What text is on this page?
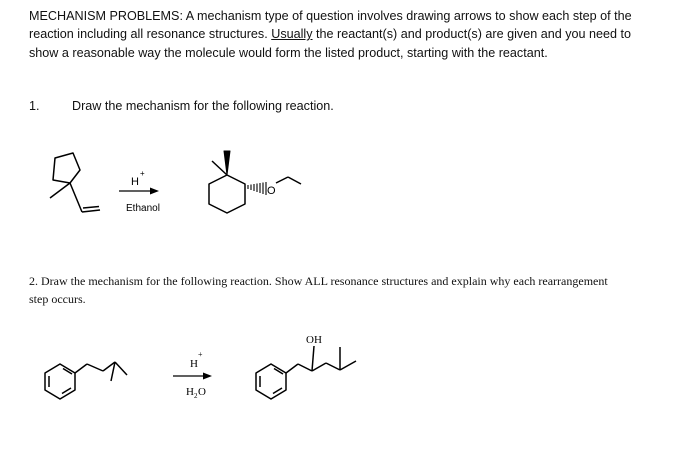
MECHANISM PROBLEMS: A mechanism type of question involves drawing arrows to show each step of the reaction including all resonance structures. Usually the reactant(s) and product(s) are given and you need to show a reasonable way the molecule would form the listed product, starting with the reactant.

1.	Draw the mechanism for the following reaction.

2. Draw the mechanism for the following reaction. Show ALL resonance structures and explain why each rearrangement step occurs.

H
+
Ethanol
O
H
+
H 2 O
OH
